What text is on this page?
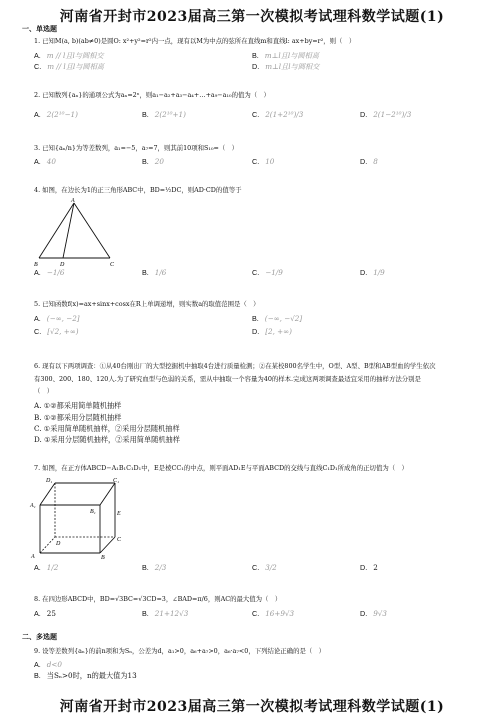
河南省开封市2023届高三第一次模拟考试理科数学试题(1)
一、单选题
1. 已知M(a, b)(ab≠0)是圆O: x²+y²=r²内一点，现有以M为中点的弦所在直线m和直线l: ax+by=r²，则（　）
A. m // l且l与圆相交	B. m⊥l且l与圆相离
C. m // l且l与圆相离	D. m⊥l且l与圆相交
2. 已知数列{aₙ}的通项公式为aₙ=2ⁿ，则a₁−a₂+a₃−a₄+…+a₉−a₁₀的值为（　）
A. 2(2¹⁰−1)	B. 2(2¹⁰+1)	C. 2(1+2¹⁰)/3	D. 2(1−2¹⁰)/3
3. 已知{aₙ/n}为等差数列，a₁=−5，a₇=7，则其前10项和S₁₀=（　）
A. 40	B. 20	C. 10	D. 8
4. 如图，在边长为1的正三角形ABC中，BD=½DC，则AD·CD的值等于
A
B	D	C
A. −1/6	B. 1/6	C. −1/9	D. 1/9
5. 已知函数f(x)=ax+sinx+cosx在R上单调递增，则实数a的取值范围是（　）
A. (−∞, −2]	B. (−∞, −√2]
C. [√2, +∞)	D. [2, +∞)
6. 现有以下两项调查：①从40台刚出厂的大型挖掘机中抽取4台进行质量检测；②在某校800名学生中，O型、A型、B型和AB型血的学生依次
有300、200、180、120人.为了研究血型与色弱的关系，需从中抽取一个容量为40的样本.完成这两项调查最适宜采用的抽样方法分别是
（　）
A. ①②都采用简单随机抽样
B. ①②都采用分层随机抽样
C. ①采用简单随机抽样，②采用分层随机抽样
D. ①采用分层随机抽样，②采用简单随机抽样
7. 如图，在正方体ABCD−A₁B₁C₁D₁中，E是棱CC₁的中点，则平面AD₁E与平面ABCD的交线与直线C₁D₁所成角的正切值为（　）
D₁	C₁
A₁
B₁	E
D
C
A	B
A. 1/2	B. 2/3	C. 3/2	D. 2
8. 在四边形ABCD中，BD=√3BC=√3CD=3，∠BAD=π/6，则AC的最大值为（　）
A. 25	B. 21+12√3	C. 16+9√3	D. 9√3
二、多选题
9. 设等差数列{aₙ}的前n项和为Sₙ，公差为d，a₁>0，a₆+a₇>0，a₆·a₇<0，下列结论正确的是（　）
A. d<0
B. 当Sₙ>0时，n的最大值为13
河南省开封市2023届高三第一次模拟考试理科数学试题(1)
